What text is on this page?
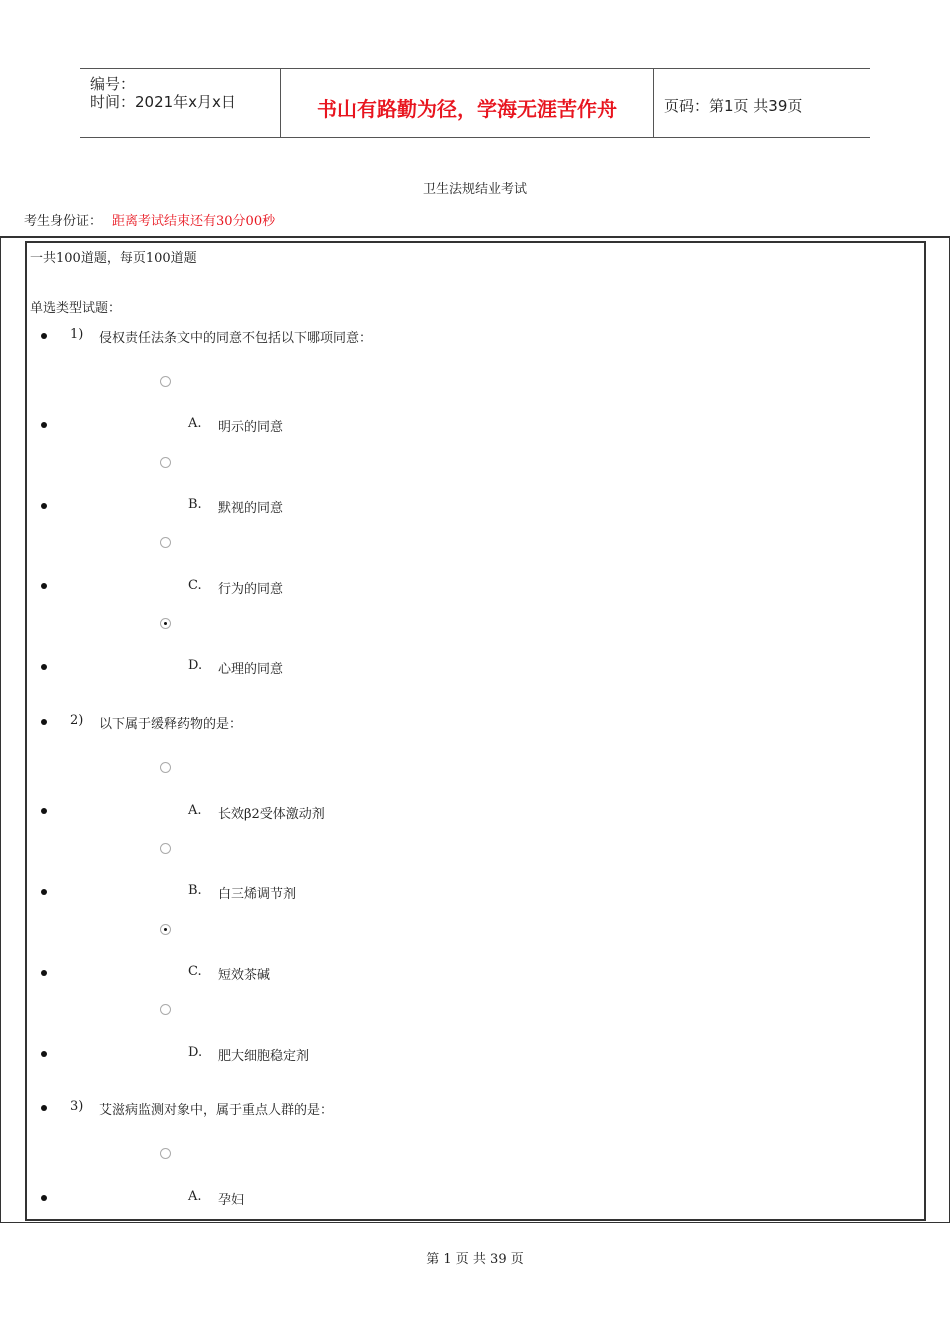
编号：
时间：2021年x月x日	书山有路勤为径，学海无涯苦作舟	页码：第1页 共39页
卫生法规结业考试
考生身份证： 距离考试结束还有30分00秒
一共100道题，每页100道题
单选类型试题：
1) 侵权责任法条文中的同意不包括以下哪项同意：
A. 明示的同意
B. 默视的同意
C. 行为的同意
D. 心理的同意
2) 以下属于缓释药物的是：
A. 长效β2受体激动剂
B. 白三烯调节剂
C. 短效茶碱
D. 肥大细胞稳定剂
3) 艾滋病监测对象中，属于重点人群的是：
A. 孕妇
第 1 页 共 39 页
